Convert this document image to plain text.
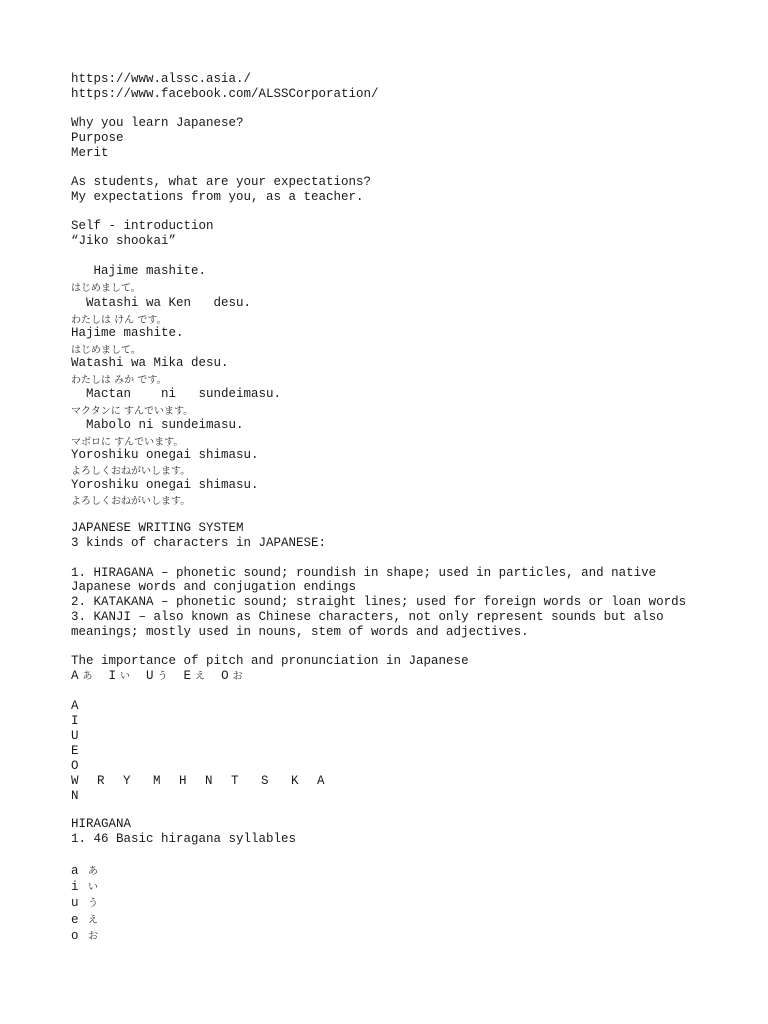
https://www.alssc.asia./
https://www.facebook.com/ALSSCorporation/
Why you learn Japanese?
Purpose
Merit
As students, what are your expectations?
My expectations from you, as a teacher.
Self - introduction
“Jiko shookai”
Hajime mashite.
はじめまして。
Watashi wa Ken   desu.
わたしは けん です。
Hajime mashite.
はじめまして。
Watashi wa Mika desu.
わたしは みか です。
Mactan    ni   sundeimasu.
マクタンに すんでいます。
Mabolo ni sundeimasu.
マボロに すんでいます。
Yoroshiku onegai shimasu.
よろしくおねがいします。
Yoroshiku onegai shimasu.
よろしくおねがいします。
JAPANESE WRITING SYSTEM
3 kinds of characters in JAPANESE:
1. HIRAGANA – phonetic sound; roundish in shape; used in particles, and native
Japanese words and conjugation endings
2. KATAKANA – phonetic sound; straight lines; used for foreign words or loan words
3. KANJI – also known as Chinese characters, not only represent sounds but also
meanings; mostly used in nouns, stem of words and adjectives.
The importance of pitch and pronunciation in Japanese
A あ	I い	U う	E え	O お
A
I
U
E
O
W	R	Y	M	H	N	T	S	K	A
N
HIRAGANA
1. 46 Basic hiragana syllables
a あ
i い
u う
e え
o お
